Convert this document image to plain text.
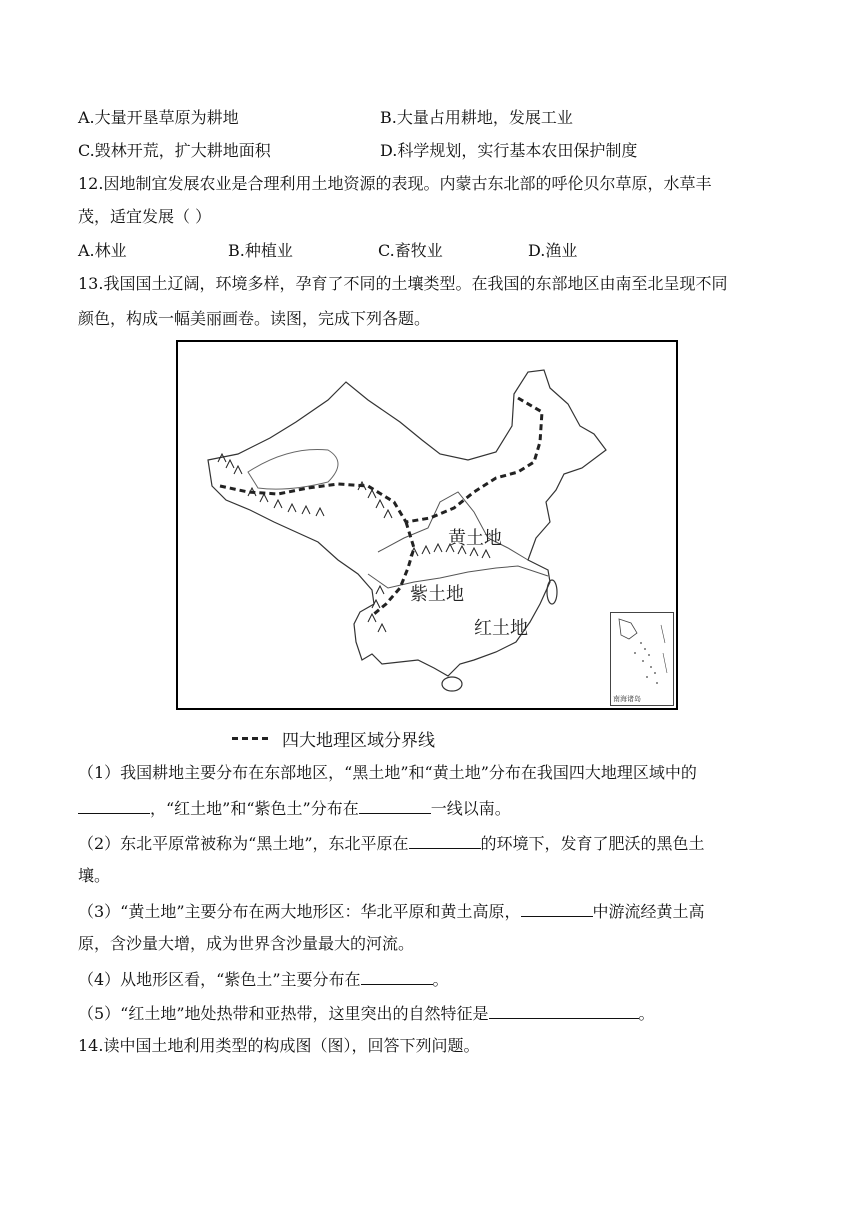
A.大量开垦草原为耕地	B.大量占用耕地，发展工业
C.毁林开荒，扩大耕地面积	D.科学规划，实行基本农田保护制度
12.因地制宜发展农业是合理利用土地资源的表现。内蒙古东北部的呼伦贝尔草原，水草丰
茂，适宜发展（ ）
A.林业	B.种植业	C.畜牧业	D.渔业
13.我国国土辽阔，环境多样，孕育了不同的土壤类型。在我国的东部地区由南至北呈现不同
颜色，构成一幅美丽画卷。读图，完成下列各题。
黄土地
紫土地
红土地
南海诸岛
四大地理区域分界线
（1）我国耕地主要分布在东部地区，“黑土地”和“黄土地”分布在我国四大地理区域中的
，“红土地”和“紫色土”分布在	一线以南。
（2）东北平原常被称为“黑土地”，东北平原在	的环境下，发育了肥沃的黑色土
壤。
（3）“黄土地”主要分布在两大地形区：华北平原和黄土高原，	中游流经黄土高
原，含沙量大增，成为世界含沙量最大的河流。
（4）从地形区看，“紫色土”主要分布在	。
（5）“红土地”地处热带和亚热带，这里突出的自然特征是	。
14.读中国土地利用类型的构成图（图），回答下列问题。
